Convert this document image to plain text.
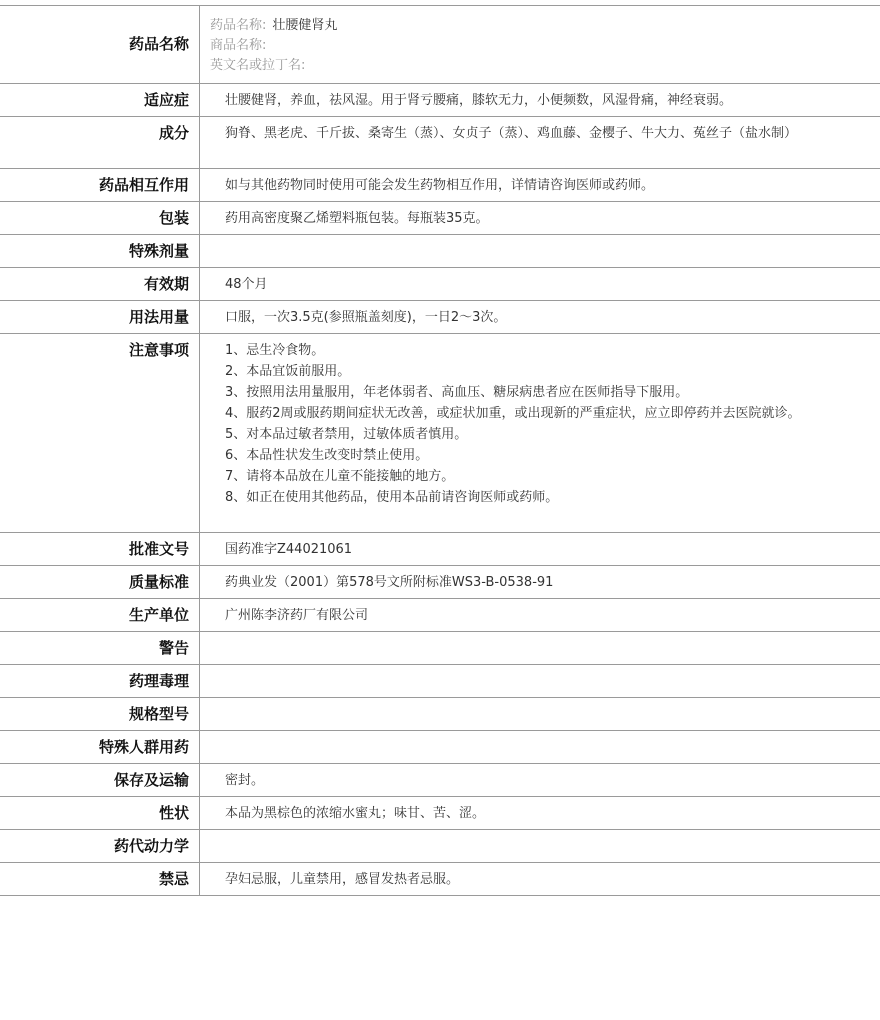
药品名称
药品名称: 壮腰健肾丸
商品名称:
英文名或拉丁名:
适应症	壮腰健肾，养血，祛风湿。用于肾亏腰痛，膝软无力，小便频数，风湿骨痛，神经衰弱。
成分	狗脊、黑老虎、千斤拔、桑寄生（蒸）、女贞子（蒸）、鸡血藤、金樱子、牛大力、菟丝子（盐水制）
药品相互作用	如与其他药物同时使用可能会发生药物相互作用，详情请咨询医师或药师。
包装	药用高密度聚乙烯塑料瓶包装。每瓶装35克。
特殊剂量
有效期	48个月
用法用量	口服，一次3.5克(参照瓶盖刻度)，一日2～3次。
注意事项	1、忌生冷食物。
2、本品宜饭前服用。
3、按照用法用量服用，年老体弱者、高血压、糖尿病患者应在医师指导下服用。
4、服药2周或服药期间症状无改善，或症状加重，或出现新的严重症状，应立即停药并去医院就诊。
5、对本品过敏者禁用，过敏体质者慎用。
6、本品性状发生改变时禁止使用。
7、请将本品放在儿童不能接触的地方。
8、如正在使用其他药品，使用本品前请咨询医师或药师。
批准文号	国药准字Z44021061
质量标准	药典业发（2001）第578号文所附标准WS3-B-0538-91
生产单位	广州陈李济药厂有限公司
警告
药理毒理
规格型号
特殊人群用药
保存及运输	密封。
性状	本品为黑棕色的浓缩水蜜丸；味甘、苦、涩。
药代动力学
禁忌	孕妇忌服，儿童禁用，感冒发热者忌服。
